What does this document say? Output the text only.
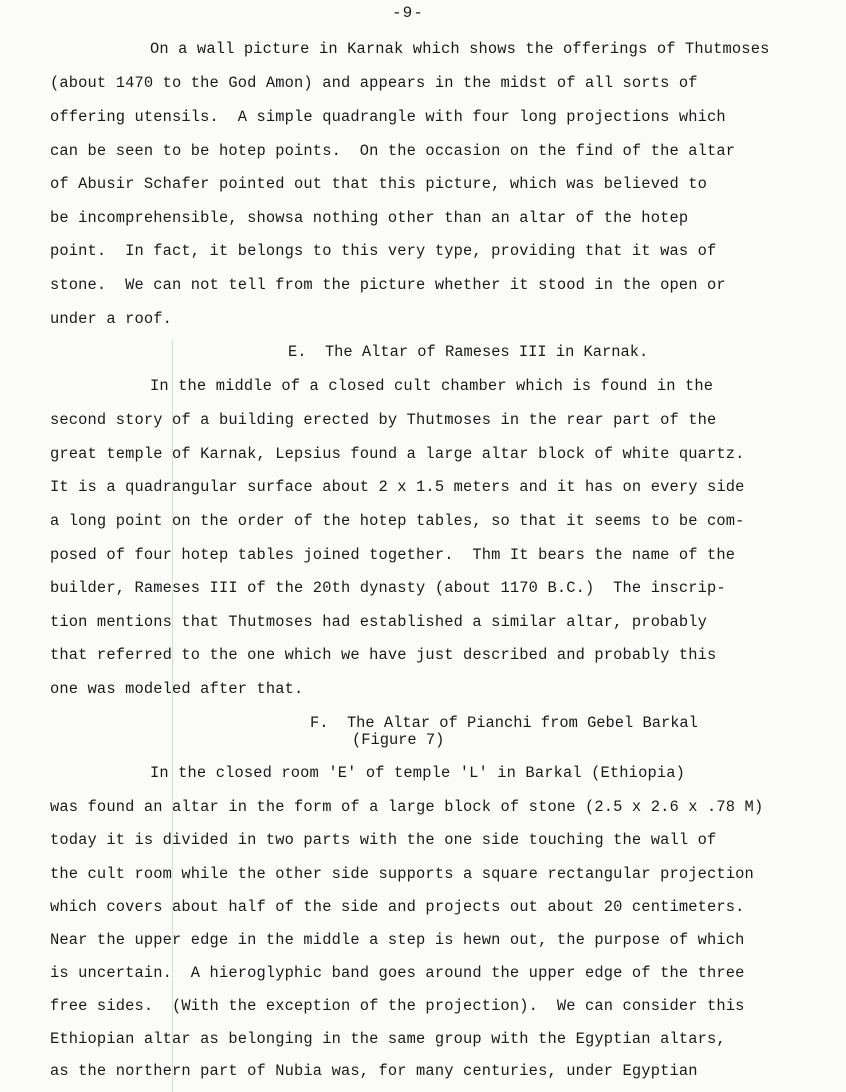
-9-
On a wall picture in Karnak which shows the offerings of Thutmoses
(about 1470 to the God Amon) and appears in the midst of all sorts of
offering utensils.  A simple quadrangle with four long projections which
can be seen to be hotep points.  On the occasion on the find of the altar
of Abusir Schafer pointed out that this picture, which was believed to
be incomprehensible, showsa nothing other than an altar of the hotep
point.  In fact, it belongs to this very type, providing that it was of
stone.  We can not tell from the picture whether it stood in the open or
under a roof.
E.  The Altar of Rameses III in Karnak.
In the middle of a closed cult chamber which is found in the
second story of a building erected by Thutmoses in the rear part of the
great temple of Karnak, Lepsius found a large altar block of white quartz.
It is a quadrangular surface about 2 x 1.5 meters and it has on every side
a long point on the order of the hotep tables, so that it seems to be com-
posed of four hotep tables joined together.  Thm It bears the name of the
builder, Rameses III of the 20th dynasty (about 1170 B.C.)  The inscrip-
tion mentions that Thutmoses had established a similar altar, probably
that referred to the one which we have just described and probably this
one was modeled after that.
F.  The Altar of Pianchi from Gebel Barkal
(Figure 7)
In the closed room 'E' of temple 'L' in Barkal (Ethiopia)
was found an altar in the form of a large block of stone (2.5 x 2.6 x .78 M)
today it is divided in two parts with the one side touching the wall of
the cult room while the other side supports a square rectangular projection
which covers about half of the side and projects out about 20 centimeters.
Near the upper edge in the middle a step is hewn out, the purpose of which
is uncertain.  A hieroglyphic band goes around the upper edge of the three
free sides.  (With the exception of the projection).  We can consider this
Ethiopian altar as belonging in the same group with the Egyptian altars,
as the northern part of Nubia was, for many centuries, under Egyptian
